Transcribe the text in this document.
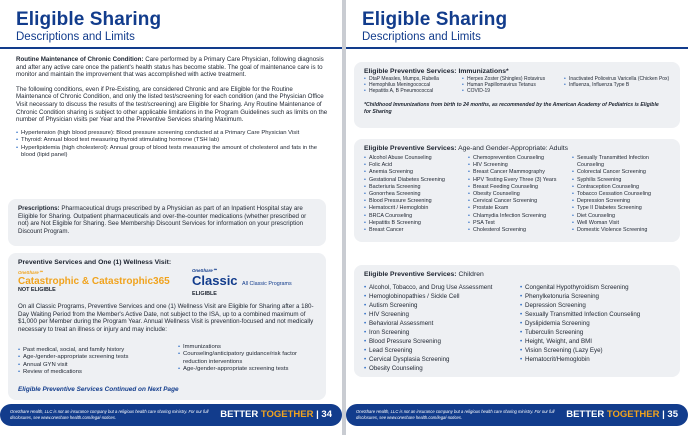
Eligible Sharing
Descriptions and Limits

Routine Maintenance of Chronic Condition: Care performed by a Primary Care Physician, following diagnosis and after any active care once the patient's health status has become stable. The goal of maintenance care is to monitor and maintain the improvement that was accomplished with active treatment.

The following conditions, even if Pre-Existing, are considered Chronic and are Eligible for the Routine Maintenance of Chronic Condition, and only the listed test/screening for each condition (and the Physician Office Visit necessary to discuss the results of the test/screening) are Eligible for Sharing. Any Routine Maintenance of Chronic Condition sharing is subject to other applicable limitations in the Program Guidelines such as limits on the number of Physician visits per Year and the Preventive Services sharing Maximum.

• Hypertension (high blood pressure): Blood pressure screening conducted at a Primary Care Physician Visit
• Thyroid: Annual blood test measuring thyroid stimulating hormone (TSH lab)
• Hyperlipidemia (high cholesterol): Annual group of blood tests measuring the amount of cholesterol and fats in the blood (lipid panel)

Prescriptions: Pharmaceutical drugs prescribed by a Physician as part of an Inpatient Hospital stay are Eligible for Sharing. Outpatient pharmaceuticals and over-the-counter medications (whether prescribed or not) are Not Eligible for Sharing. See Membership Discount Services for information on your prescription Discount Program.

Preventive Services and One (1) Wellness Visit:
OneShare℠
Catastrophic & Catastrophic365
NOT ELIGIBLE
OneShare℠
Classic All Classic Programs
ELIGIBLE

On all Classic Programs, Preventive Services and one (1) Wellness Visit are Eligible for Sharing after a 180-Day Waiting Period from the Member's Active Date, not subject to the ISA, up to a combined maximum of $1,000 per Member during the Program Year. Annual Wellness Visit is prevention-focused and not medically necessary to treat an illness or injury and may include:

• Past medical, social, and family history
• Age-/gender-appropriate screening tests
• Annual GYN visit
• Review of medications
• Immunizations
• Counseling/anticipatory guidance/risk factor reduction interventions
• Age-/gender-appropriate screening tests
Eligible Preventive Services Continued on Next Page
OneShare Health, LLC is not an insurance company but a religious health care sharing ministry. For our full disclosures, see www.oneshare health.com/legal-notices.	BETTER TOGETHER | 34
Eligible Sharing
Descriptions and Limits
Eligible Preventive Services: Immunizations*
• DtaP Measles, Mumps, Rubella
• Hemophilus Meningococcal
• Hepatitis A, B Pneumococcal
• Herpes Zoster (Shingles) Rotavirus
• Human Papillomavirus Tetanus
• COVID-19
• Inactivated Poliovirus Varicella (Chicken Pox)
• Influenza, Influenza Type B

*Childhood Immunizations from birth to 24 months, as recommended by the American Academy of Pediatrics is Eligible for Sharing

Eligible Preventive Services: Age-and Gender-Appropriate: Adults
• Alcohol Abuse Counseling
• Folic Acid
• Anemia Screening
• Gestational Diabetes Screening
• Bacteriuria Screening
• Gonorrhea Screening
• Blood Pressure Screening
• Hematocrit / Hemoglobin
• BRCA Counseling
• Hepatitis B Screening
• Breast Cancer
• Chemoprevention Counseling
• HIV Screening
• Breast Cancer Mammography
• HPV Testing Every Three (3) Years
• Breast Feeding Counseling
• Obesity Counseling
• Cervical Cancer Screening
• Prostate Exam
• Chlamydia Infection Screening
• PSA Test
• Cholesterol Screening
• Sexually Transmitted Infection Counseling
• Colorectal Cancer Screening
• Syphilis Screening
• Contraception Counseling
• Tobacco Cessation Counseling
• Depression Screening
• Type II Diabetes Screening
• Diet Counseling
• Well Woman Visit
• Domestic Violence Screening
Eligible Preventive Services: Children
• Alcohol, Tobacco, and Drug Use Assessment
• Hemoglobinopathies / Sickle Cell
• Autism Screening
• HIV Screening
• Behavioral Assessment
• Iron Screening
• Blood Pressure Screening
• Lead Screening
• Cervical Dysplasia Screening
• Obesity Counseling
• Congenital Hypothyroidism Screening
• Phenylketonuria Screening
• Depression Screening
• Sexually Transmitted Infection Counseling
• Dyslipidemia Screening
• Tuberculin Screening
• Height, Weight, and BMI
• Vision Screening (Lazy Eye)
• Hematocrit/Hemoglobin
OneShare Health, LLC is not an insurance company but a religious health care sharing ministry. For our full disclosures, see www.oneshare health.com/legal-notices.	BETTER TOGETHER | 35
